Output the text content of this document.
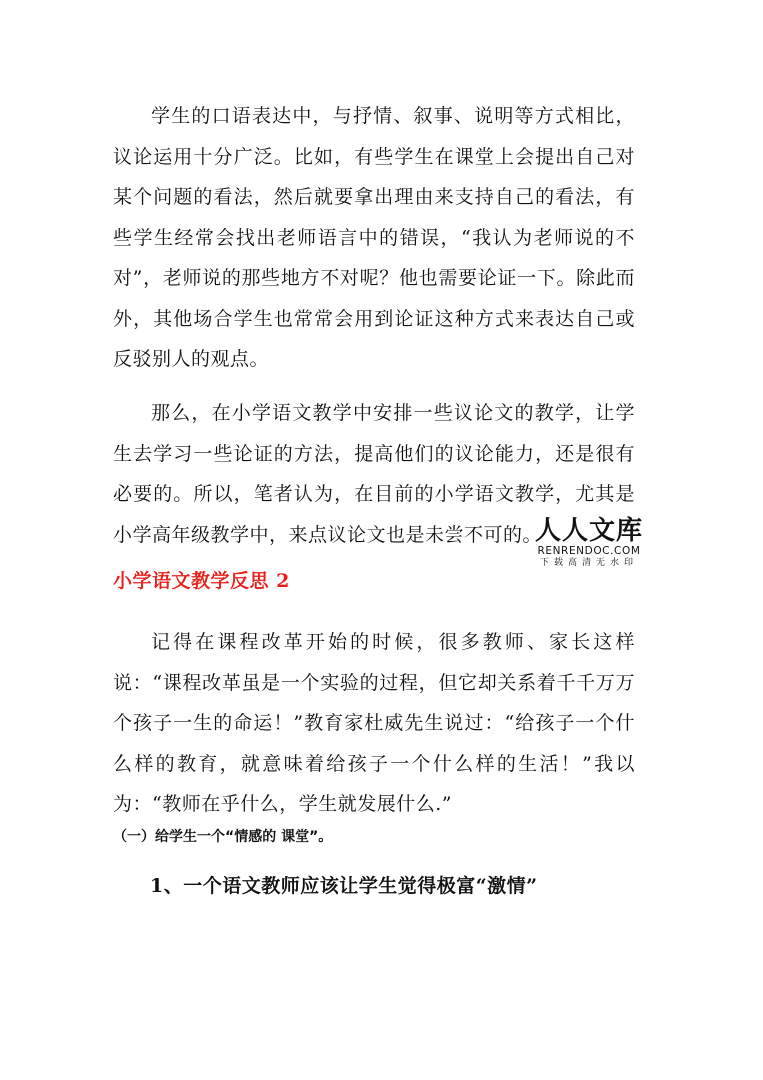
学生的口语表达中，与抒情、叙事、说明等方式相比，议论运用十分广泛。比如，有些学生在课堂上会提出自己对某个问题的看法，然后就要拿出理由来支持自己的看法，有些学生经常会找出老师语言中的错误，“我认为老师说的不对”，老师说的那些地方不对呢？他也需要论证一下。除此而外，其他场合学生也常常会用到论证这种方式来表达自己或反驳别人的观点。

那么，在小学语文教学中安排一些议论文的教学，让学生去学习一些论证的方法，提高他们的议论能力，还是很有必要的。所以，笔者认为，在目前的小学语文教学，尤其是小学高年级教学中，来点议论文也是未尝不可的。

人人文库
RENRENDOC.COM
下载高清无水印
小学语文教学反思 2

记得在课程改革开始的时候，很多教师、家长这样说：“课程改革虽是一个实验的过程，但它却关系着千千万万个孩子一生的命运！”教育家杜威先生说过：“给孩子一个什么样的教育，就意味着给孩子一个什么样的生活！”我以为：“教师在乎什么，学生就发展什么.”

（一）给学生一个“情感的 课堂”。
1、一个语文教师应该让学生觉得极富“激情”
